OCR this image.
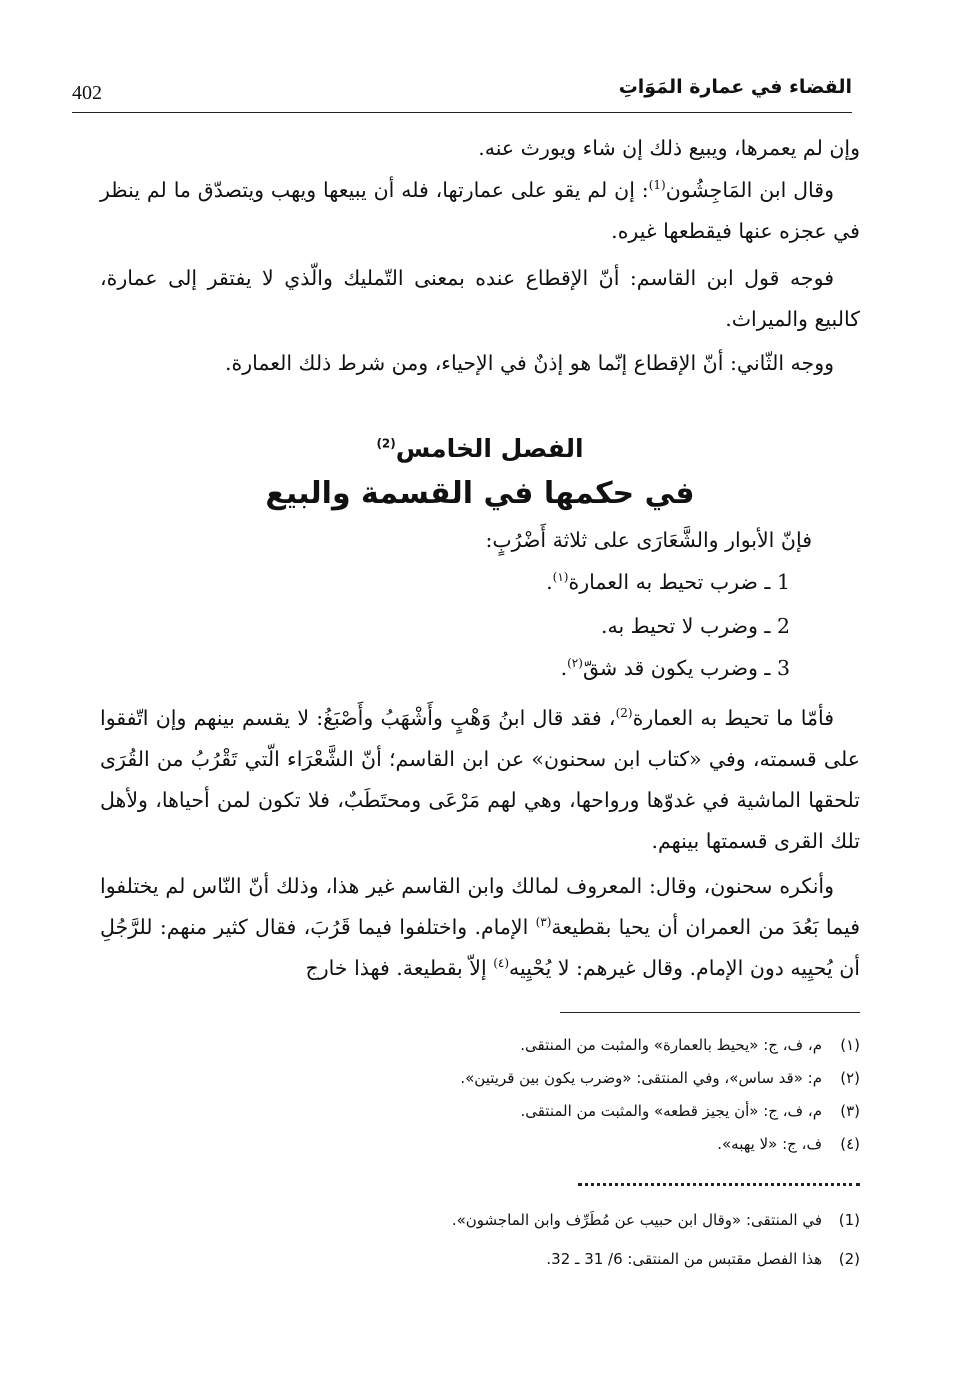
القضاء في عمارة المَوَاتِ
402

وإن لم يعمرها، ويبيع ذلك إن شاء ويورث عنه.

وقال ابن المَاجِشُون$^{(1)}$: إن لم يقو على عمارتها، فله أن يبيعها ويهب ويتصدّق ما لم ينظر في عجزه عنها فيقطعها غيره.

فوجه قول ابن القاسم: أنّ الإقطاع عنده بمعنى التّمليك والّذي لا يفتقر إلى عمارة، كالبيع والميراث.

ووجه الثّاني: أنّ الإقطاع إنّما هو إذنٌ في الإحياء، ومن شرط ذلك العمارة.

الفصل الخامس$^{(2)}$
في حكمها في القسمة والبيع

فإنّ الأبوار والشَّعَارَى على ثلاثة أَضْرُبٍ:

1 ـ ضرب تحيط به العمارة$^{(١)}$.

2 ـ وضرب لا تحيط به.

3 ـ وضرب يكون قد شقّ$^{(٢)}$.

فأمّا ما تحيط به العمارة$^{(2)}$، فقد قال ابنُ وَهْبٍ وأَشْهَبُ وأَصْبَغُ: لا يقسم بينهم وإن اتّفقوا على قسمته، وفي «كتاب ابن سحنون» عن ابن القاسم؛ أنّ الشَّعْرَاء الّتي تَقْرُبُ من القُرَى تلحقها الماشية في غدوّها ورواحها، وهي لهم مَرْعَى ومحتَطَبٌ، فلا تكون لمن أحياها، ولأهل تلك القرى قسمتها بينهم.

وأنكره سحنون، وقال: المعروف لمالك وابن القاسم غير هذا، وذلك أنّ النّاس لم يختلفوا فيما بَعُدَ من العمران أن يحيا بقطيعة$^{(٣)}$ الإمام. واختلفوا فيما قَرُبَ، فقال كثير منهم: للرَّجُلِ أن يُحيِيه دون الإمام. وقال غيرهم: لا يُحْيِيه$^{(٤)}$ إلاّ بقطيعة. فهذا خارج

(١)م، ف، ج: «يحيط بالعمارة» والمثبت من المنتقى.

(٢)م: «قد ساس»، وفي المنتقى: «وضرب يكون بين قريتين».

(٣)م، ف، ج: «أن يجيز قطعه» والمثبت من المنتقى.

(٤)ف، ج: «لا يهبه».

(1)في المنتقى: «وقال ابن حبيب عن مُطَرِّف وابن الماجشون».

(2)هذا الفصل مقتبس من المنتقى: 6/ 31 ـ 32.
